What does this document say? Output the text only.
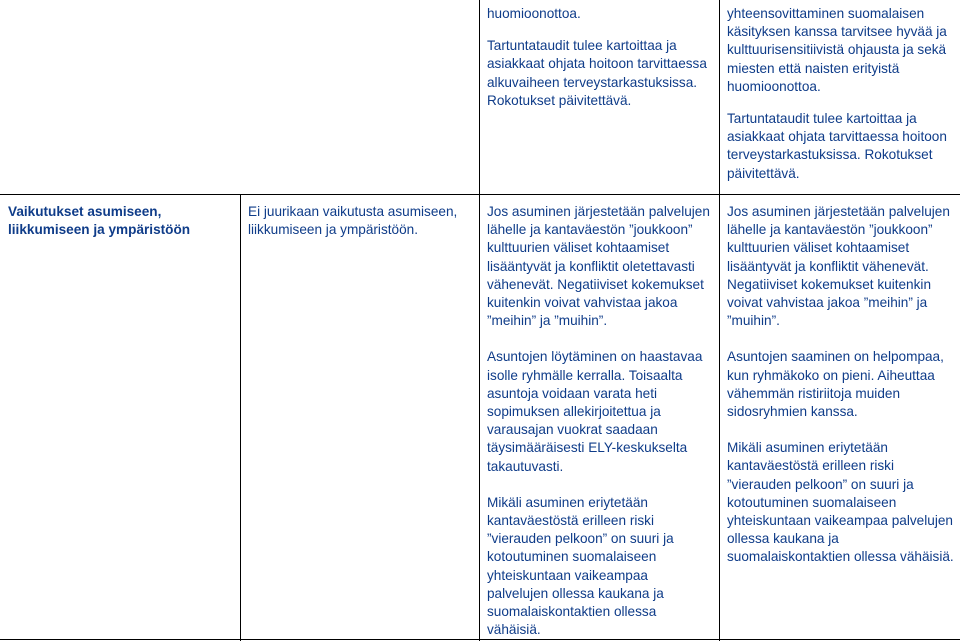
huomioonottoa.

Tartuntataudit tulee kartoittaa ja asiakkaat ohjata hoitoon tarvittaessa alkuvaiheen terveystarkastuksissa. Rokotukset päivitettävä.

yhteensovittaminen suomalaisen käsityksen kanssa tarvitsee hyvää ja kulttuurisensitiivistä ohjausta ja sekä miesten että naisten erityistä huomioonottoa.

Tartuntataudit tulee kartoittaa ja asiakkaat ohjata tarvittaessa hoitoon terveystarkastuksissa. Rokotukset päivitettävä.

Vaikutukset asumiseen, liikkumiseen ja ympäristöön

Ei juurikaan vaikutusta asumiseen, liikkumiseen ja ympäristöön.

Jos asuminen järjestetään palvelujen lähelle ja kantaväestön ”joukkoon” kulttuurien väliset kohtaamiset lisääntyvät ja konfliktit oletettavasti vähenevät. Negatiiviset kokemukset kuitenkin voivat vahvistaa jakoa ”meihin” ja ”muihin”.

Asuntojen löytäminen on haastavaa isolle ryhmälle kerralla. Toisaalta asuntoja voidaan varata heti sopimuksen allekirjoitettua ja varausajan vuokrat saadaan täysimääräisesti ELY-keskukselta takautuvasti.

Mikäli asuminen eriytetään kantaväestöstä erilleen riski ”vierauden pelkoon” on suuri ja kotoutuminen suomalaiseen yhteiskuntaan vaikeampaa palvelujen ollessa kaukana ja suomalaiskontaktien ollessa vähäisiä.

Jos asuminen järjestetään palvelujen lähelle ja kantaväestön ”joukkoon” kulttuurien väliset kohtaamiset lisääntyvät ja konfliktit vähenevät. Negatiiviset kokemukset kuitenkin voivat vahvistaa jakoa ”meihin” ja ”muihin”.

Asuntojen saaminen on helpompaa, kun ryhmäkoko on pieni. Aiheuttaa vähemmän ristiriitoja muiden sidosryhmien kanssa.

Mikäli asuminen eriytetään kantaväestöstä erilleen riski ”vierauden pelkoon” on suuri ja kotoutuminen suomalaiseen yhteiskuntaan vaikeampaa palvelujen ollessa kaukana ja suomalaiskontaktien ollessa vähäisiä.
